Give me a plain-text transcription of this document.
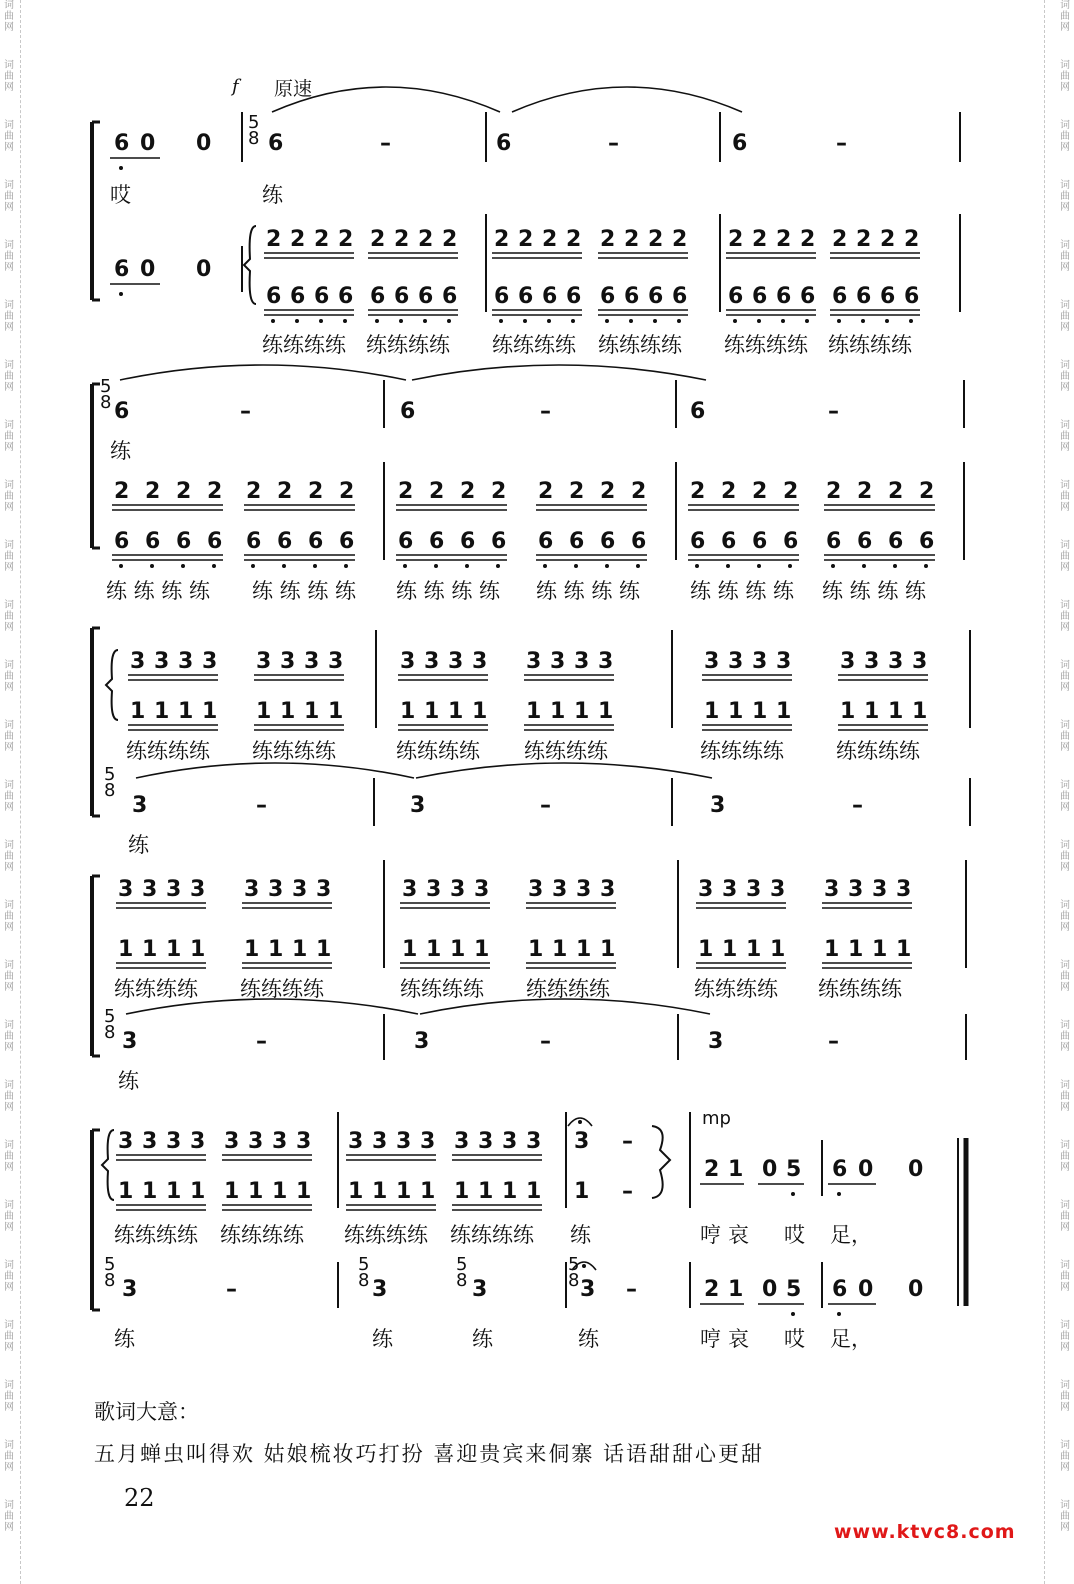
词
曲
网
词
曲
网
词
曲
网
词
曲
网
词
曲
网
词
曲
网
词
曲
网
词
曲
网
词
曲
网
词
曲
网
词
曲
网
词
曲
网
词
曲
网
词
曲
网
词
曲
网
词
曲
网
词
曲
网
词
曲
网
词
曲
网
词
曲
网
词
曲
网
词
曲
网
词
曲
网
词
曲
网
词
曲
网
词
曲
网
词
曲
网
词
曲
网
词
曲
网
词
曲
网
词
曲
网
词
曲
网
词
曲
网
词
曲
网
词
曲
网
词
曲
网
词
曲
网
词
曲
网
词
曲
网
词
曲
网
词
曲
网
词
曲
网
词
曲
网
词
曲
网
词
曲
网
词
曲
网
词
曲
网
词
曲
网
词
曲
网
词
曲
网
词
曲
网
词
曲
网
f 原速
6 0 0
哎
5
8 6	–	6	–	6	–
练
6 0 0
2 2 2 2
6 6 6 6
2 2 2 2
6 6 6 6
2 2 2 2
6 6 6 6
2 2 2 2
6 6 6 6
2 2 2 2
6 6 6 6
2 2 2 2
6 6 6 6
练练练练 练练练练 练练练练 练练练练 练练练练 练练练练
5
8 6	–	6	–	6	–
练
2 2 2 2
6 6 6 6
2 2 2 2
6 6 6 6
2 2 2 2
6 6 6 6
2 2 2 2
6 6 6 6
2 2 2 2
6 6 6 6
2 2 2 2
6 6 6 6
练 练 练 练 练 练 练 练 练 练 练 练 练 练 练 练 练 练 练 练 练 练 练 练
3 3 3 3
1 1 1 1
3 3 3 3
1 1 1 1
3 3 3 3
1 1 1 1
3 3 3 3
1 1 1 1
3 3 3 3
1 1 1 1
3 3 3 3
1 1 1 1
练练练练 练练练练	练练练练 练练练练	练练练练 练练练练
5
8
3	–	3	–	3	–
练
3 3 3 3
1 1 1 1
3 3 3 3
1 1 1 1
3 3 3 3
1 1 1 1
3 3 3 3
1 1 1 1
3 3 3 3
1 1 1 1
3 3 3 3
1 1 1 1
练练练练 练练练练	练练练练 练练练练	练练练练 练练练练
5
8 3	–	3	–	3	–
练
3 3 3 3
1 1 1 1
3 3 3 3
1 1 1 1
3 3 3 3
1 1 1 1
3 3 3 3
1 1 1 1
3 –
1 –
mp
2 1 0 5 6 0 0
练练练练 练练练练 练练练练 练练练练 练	哼 哀 哎 足，
5
8 3	–
5
8 3
5
8 3
5
8 3 –	2 1 0 5 6 0 0
练	练	练	练	哼 哀 哎 足，
歌词大意：
五月蝉虫叫得欢 姑娘梳妆巧打扮 喜迎贵宾来侗寨 话语甜甜心更甜
22
www.ktvc8.com
